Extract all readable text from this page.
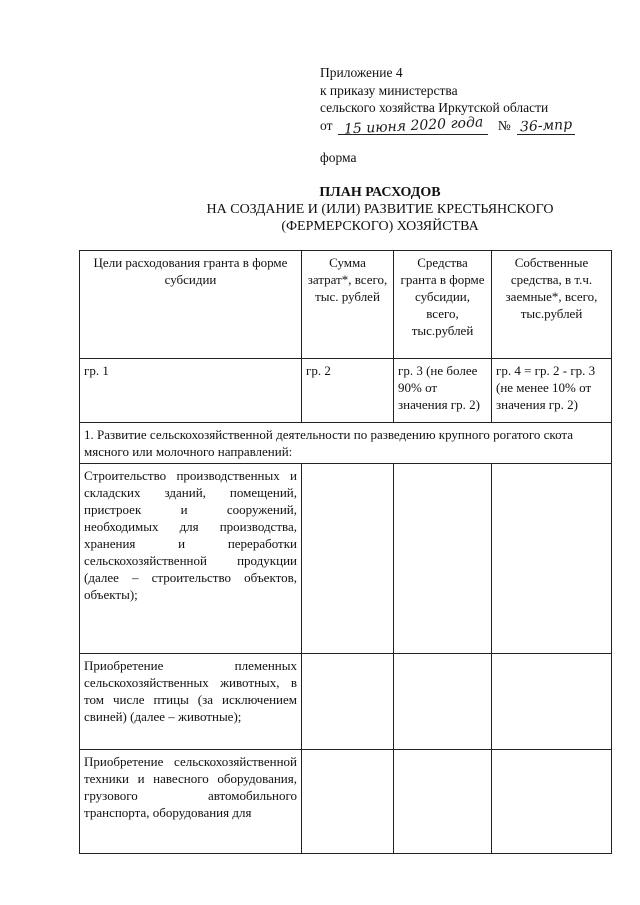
Приложение 4
к приказу министерства
сельского хозяйства Иркутской области
от 15 июня 2020 года № 36-мпр
форма
ПЛАН РАСХОДОВ
НА СОЗДАНИЕ И (ИЛИ) РАЗВИТИЕ КРЕСТЬЯНСКОГО
(ФЕРМЕРСКОГО) ХОЗЯЙСТВА
Цели расходования гранта в форме субсидии	Сумма затрат*, всего, тыс. рублей	Средства гранта в форме субсидии, всего, тыс.рублей	Собственные средства, в т.ч. заемные*, всего, тыс.рублей
гр. 1	гр. 2	гр. 3 (не более 90% от значения гр. 2)	гр. 4 = гр. 2 - гр. 3 (не менее 10% от значения гр. 2)
1. Развитие сельскохозяйственной деятельности по разведению крупного рогатого скота мясного или молочного направлений:			
Строительство производственных и складских зданий, помещений, пристроек и сооружений, необходимых для производства, хранения и переработки сельскохозяйственной продукции (далее – строительство объектов, объекты);			
Приобретение племенных сельскохозяйственных животных, в том числе птицы (за исключением свиней) (далее – животные);			
Приобретение сельскохозяйственной техники и навесного оборудования, грузового автомобильного транспорта, оборудования для			
